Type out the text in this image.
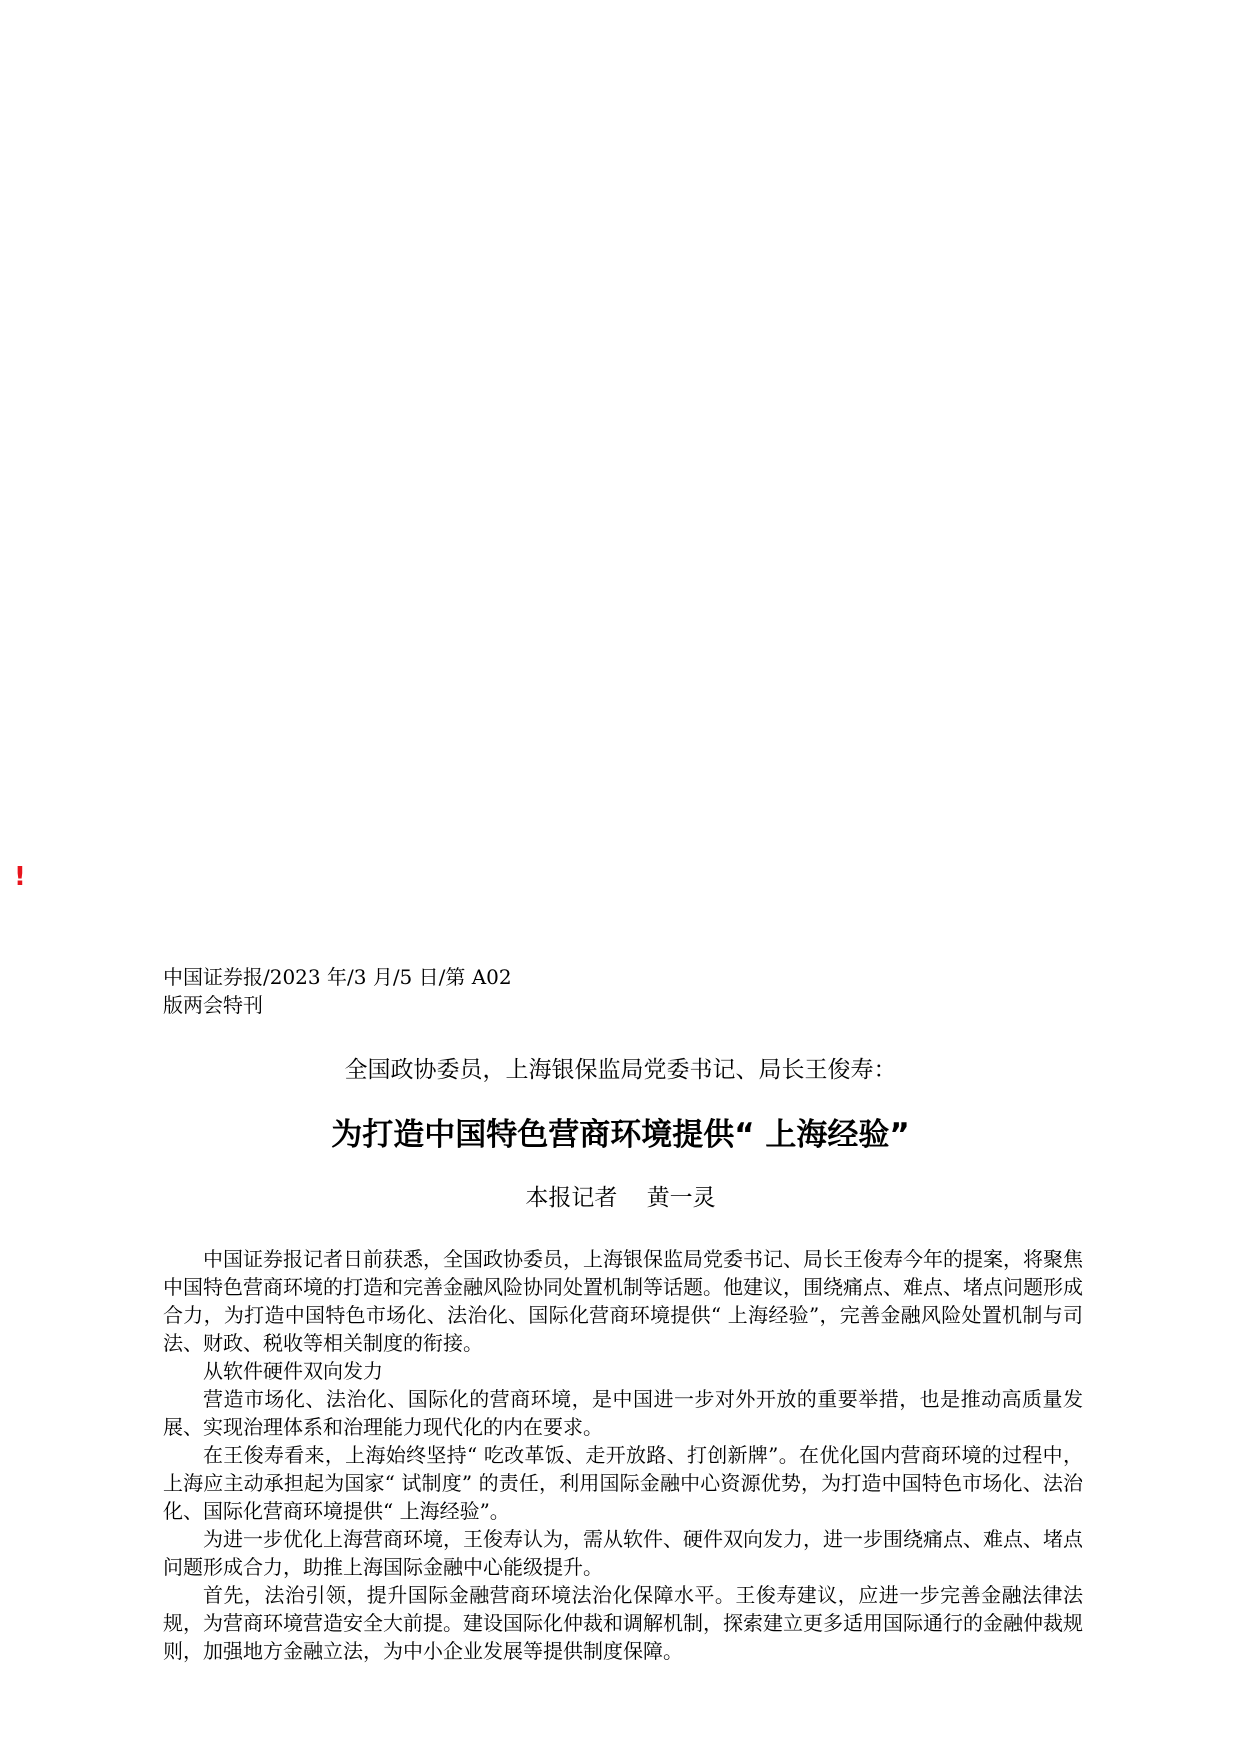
!
中国证券报/2023 年/3 月/5 日/第 A02
版两会特刊
全国政协委员，上海银保监局党委书记、局长王俊寿：
为打造中国特色营商环境提供“ 上海经验”
本报记者    黄一灵

中国证券报记者日前获悉，全国政协委员，上海银保监局党委书记、局长王俊寿今年的提案，将聚焦中国特色营商环境的打造和完善金融风险协同处置机制等话题。他建议，围绕痛点、难点、堵点问题形成合力，为打造中国特色市场化、法治化、国际化营商环境提供“ 上海经验”，完善金融风险处置机制与司法、财政、税收等相关制度的衔接。

从软件硬件双向发力

营造市场化、法治化、国际化的营商环境，是中国进一步对外开放的重要举措，也是推动高质量发展、实现治理体系和治理能力现代化的内在要求。

在王俊寿看来，上海始终坚持“ 吃改革饭、走开放路、打创新牌”。在优化国内营商环境的过程中，上海应主动承担起为国家“ 试制度” 的责任，利用国际金融中心资源优势，为打造中国特色市场化、法治化、国际化营商环境提供“ 上海经验”。

为进一步优化上海营商环境，王俊寿认为，需从软件、硬件双向发力，进一步围绕痛点、难点、堵点问题形成合力，助推上海国际金融中心能级提升。

首先，法治引领，提升国际金融营商环境法治化保障水平。王俊寿建议，应进一步完善金融法律法规，为营商环境营造安全大前提。建设国际化仲裁和调解机制，探索建立更多适用国际通行的金融仲裁规则，加强地方金融立法，为中小企业发展等提供制度保障。
